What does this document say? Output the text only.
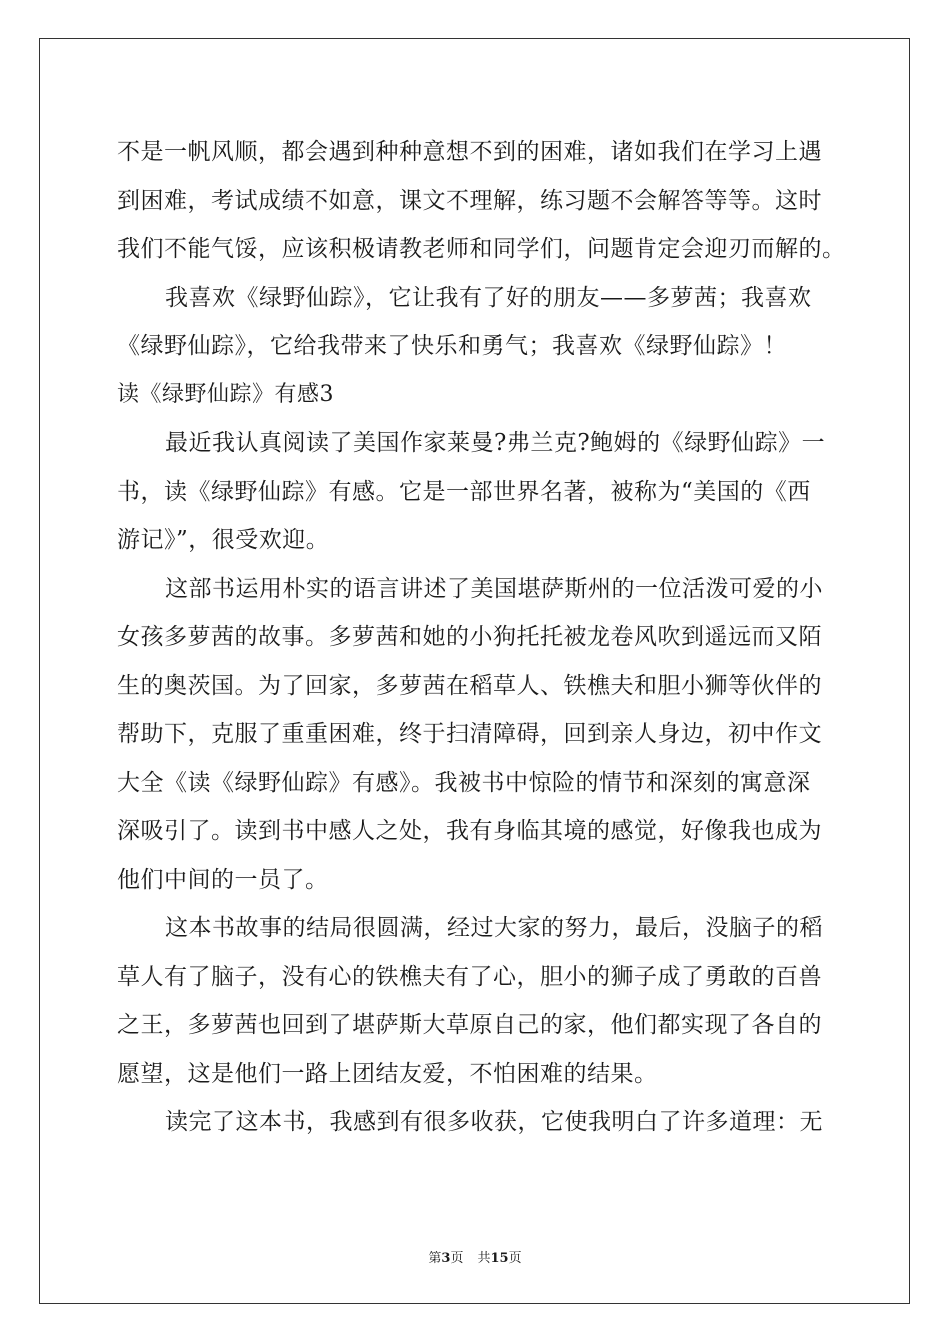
不是一帆风顺，都会遇到种种意想不到的困难，诸如我们在学习上遇
到困难，考试成绩不如意，课文不理解，练习题不会解答等等。这时
我们不能气馁，应该积极请教老师和同学们，问题肯定会迎刃而解的。
我喜欢《绿野仙踪》，它让我有了好的朋友——多萝茜；我喜欢
《绿野仙踪》，它给我带来了快乐和勇气；我喜欢《绿野仙踪》！
读《绿野仙踪》有感3
最近我认真阅读了美国作家莱曼?弗兰克?鲍姆的《绿野仙踪》一
书，读《绿野仙踪》有感。它是一部世界名著，被称为“美国的《西
游记》”，很受欢迎。
这部书运用朴实的语言讲述了美国堪萨斯州的一位活泼可爱的小
女孩多萝茜的故事。多萝茜和她的小狗托托被龙卷风吹到遥远而又陌
生的奥茨国。为了回家，多萝茜在稻草人、铁樵夫和胆小狮等伙伴的
帮助下，克服了重重困难，终于扫清障碍，回到亲人身边，初中作文
大全《读《绿野仙踪》有感》。我被书中惊险的情节和深刻的寓意深
深吸引了。读到书中感人之处，我有身临其境的感觉，好像我也成为
他们中间的一员了。
这本书故事的结局很圆满，经过大家的努力，最后，没脑子的稻
草人有了脑子，没有心的铁樵夫有了心，胆小的狮子成了勇敢的百兽
之王，多萝茜也回到了堪萨斯大草原自己的家，他们都实现了各自的
愿望，这是他们一路上团结友爱，不怕困难的结果。
读完了这本书，我感到有很多收获，它使我明白了许多道理：无
第3页 共15页
